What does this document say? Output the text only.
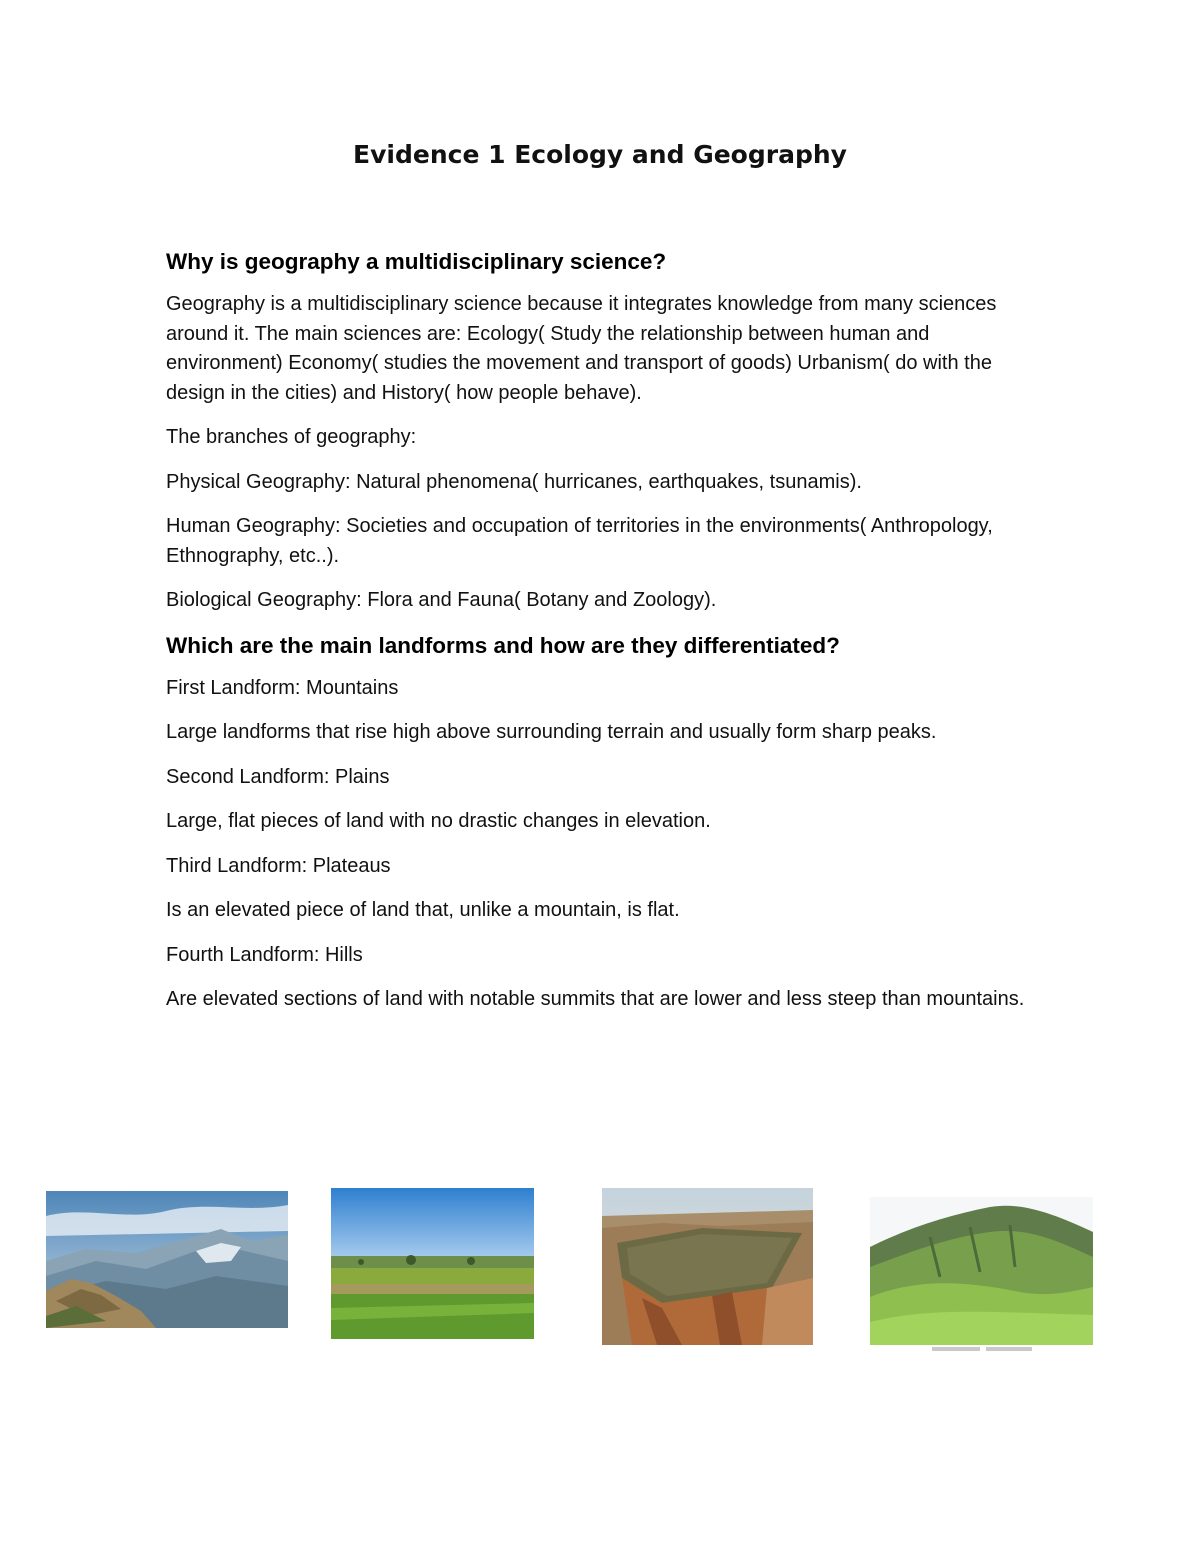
Evidence 1 Ecology and Geography
Why is geography a multidisciplinary science?

Geography is a multidisciplinary science because it integrates knowledge from many sciences around it. The main sciences are: Ecology( Study the relationship between human and environment) Economy( studies the movement and transport of goods) Urbanism( do with the design in the cities) and History( how people behave).

The branches of geography:

Physical Geography: Natural phenomena( hurricanes, earthquakes, tsunamis).

Human Geography: Societies and occupation of territories in the environments( Anthropology, Ethnography, etc..).

Biological Geography: Flora and Fauna( Botany and Zoology).

Which are the main landforms and how are they differentiated?

First Landform: Mountains

Large landforms that rise high above surrounding terrain and usually form sharp peaks.

Second Landform: Plains

Large, flat pieces of land with no drastic changes in elevation.

Third Landform: Plateaus

Is an elevated piece of land that, unlike a mountain, is flat.

Fourth Landform: Hills

Are elevated sections of land with notable summits that are lower and less steep than mountains.
